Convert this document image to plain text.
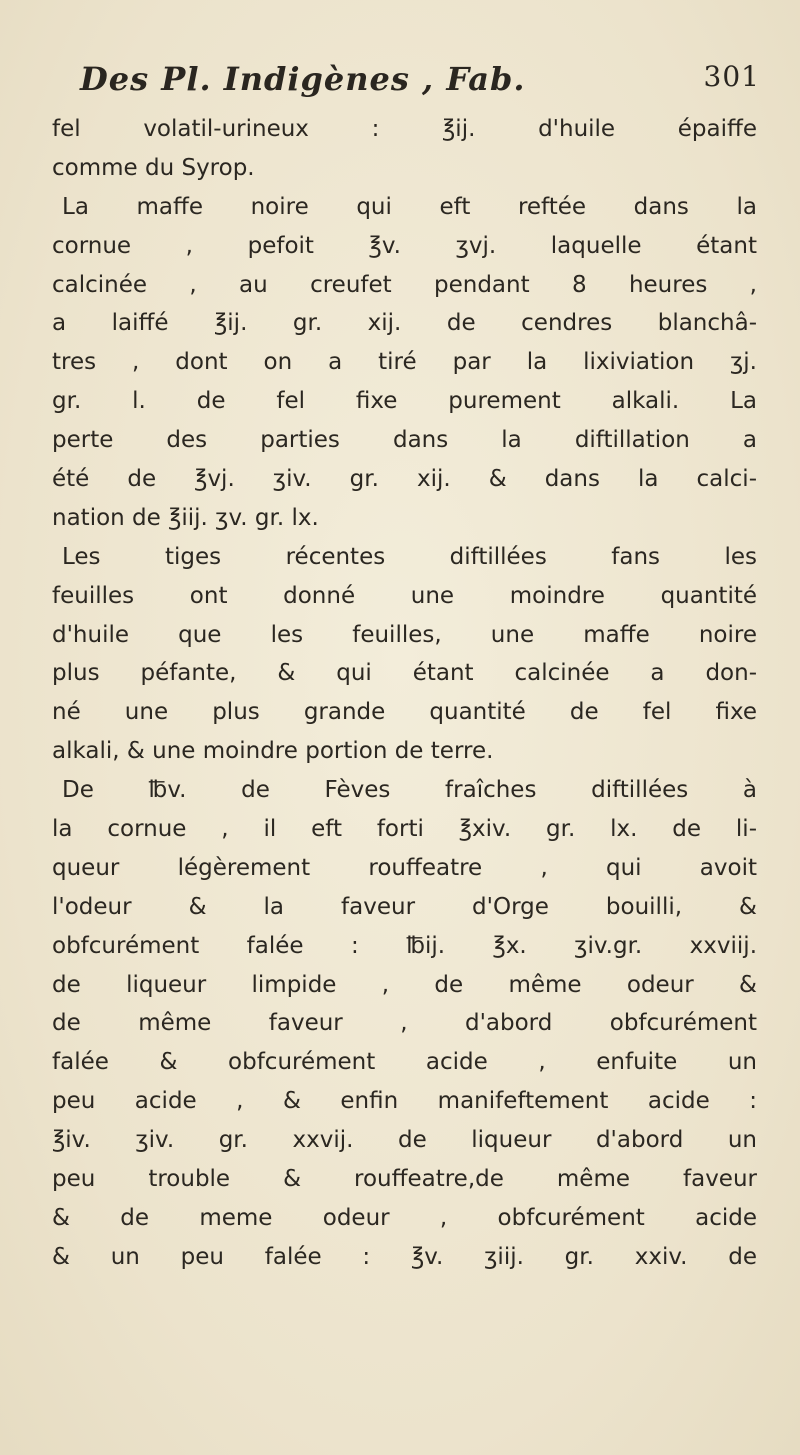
Des Pl. Indigènes , Fab.	301
fel volatil-urineux : ℥ij. d'huile épaiffe
comme du Syrop.
La maffe noire qui eft reftée dans la
cornue , pefoit ℥v. ʒvj. laquelle étant
calcinée , au creufet pendant 8 heures ,
a laiffé ℥ij. gr. xij. de cendres blanchâ-
tres , dont on a tiré par la lixiviation ʒj.
gr. l. de fel fixe purement alkali. La
perte des parties dans la diftillation a
été de ℥vj. ʒiv. gr. xij. & dans la calci-
nation de ℥iij. ʒv. gr. lx.
Les tiges récentes diftillées fans les
feuilles ont donné une moindre quantité
d'huile que les feuilles, une maffe noire
plus péfante, & qui étant calcinée a don-
né une plus grande quantité de fel fixe
alkali, & une moindre portion de terre.
De ℔v. de Fèves fraîches diftillées à
la cornue , il eft forti ℥xiv. gr. lx. de li-
queur légèrement rouffeatre , qui avoit
l'odeur & la faveur d'Orge bouilli, &
obfcurément falée : ℔ij. ℥x. ʒiv.gr. xxviij.
de liqueur limpide , de même odeur &
de même faveur , d'abord obfcurément
falée & obfcurément acide , enfuite un
peu acide , & enfin manifeftement acide :
℥iv. ʒiv. gr. xxvij. de liqueur d'abord un
peu trouble & rouffeatre,de même faveur
& de meme odeur , obfcurément acide
& un peu falée : ℥v. ʒiij. gr. xxiv. de
